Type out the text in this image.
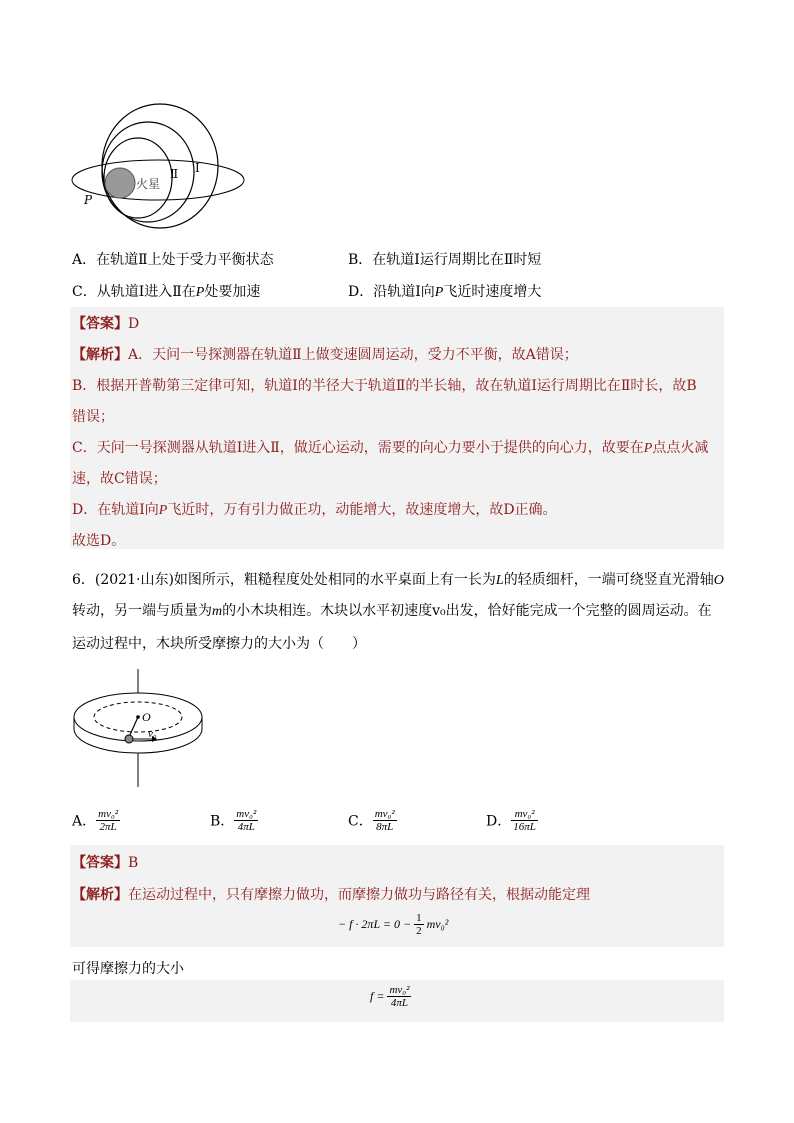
火星
Ⅱ Ⅰ
P
A．在轨道Ⅱ上处于受力平衡状态	B．在轨道Ⅰ运行周期比在Ⅱ时短
C．从轨道Ⅰ进入Ⅱ在P处要加速	D．沿轨道Ⅰ向P飞近时速度增大
【答案】D
【解析】A．天问一号探测器在轨道Ⅱ上做变速圆周运动，受力不平衡，故A错误；
B．根据开普勒第三定律可知，轨道Ⅰ的半径大于轨道Ⅱ的半长轴，故在轨道Ⅰ运行周期比在Ⅱ时长，故B
错误；
C．天问一号探测器从轨道Ⅰ进入Ⅱ，做近心运动，需要的向心力要小于提供的向心力，故要在P点点火减
速，故C错误；
D．在轨道Ⅰ向P飞近时，万有引力做正功，动能增大，故速度增大，故D正确。
故选D。
6．(2021·山东)如图所示，粗糙程度处处相同的水平桌面上有一长为L的轻质细杆，一端可绕竖直光滑轴O
转动，另一端与质量为m的小木块相连。木块以水平初速度v₀出发，恰好能完成一个完整的圆周运动。在
运动过程中，木块所受摩擦力的大小为（　　）
O
v₀
A． $\frac{\text{mv₀²}}{2\pi L}$	B． $\frac{\text{mv₀²}}{4\pi L}$	C． $\frac{\text{mv₀²}}{8\pi L}$	D． $\frac{\text{mv₀²}}{16\pi L}$
【答案】B
【解析】在运动过程中，只有摩擦力做功，而摩擦力做功与路径有关，根据动能定理
− $f \cdot 2\pi L = 0 - \frac{1}{2} mv_0^2$
可得摩擦力的大小
$f = \frac{\text{mv₀²}}{4\pi L}$
